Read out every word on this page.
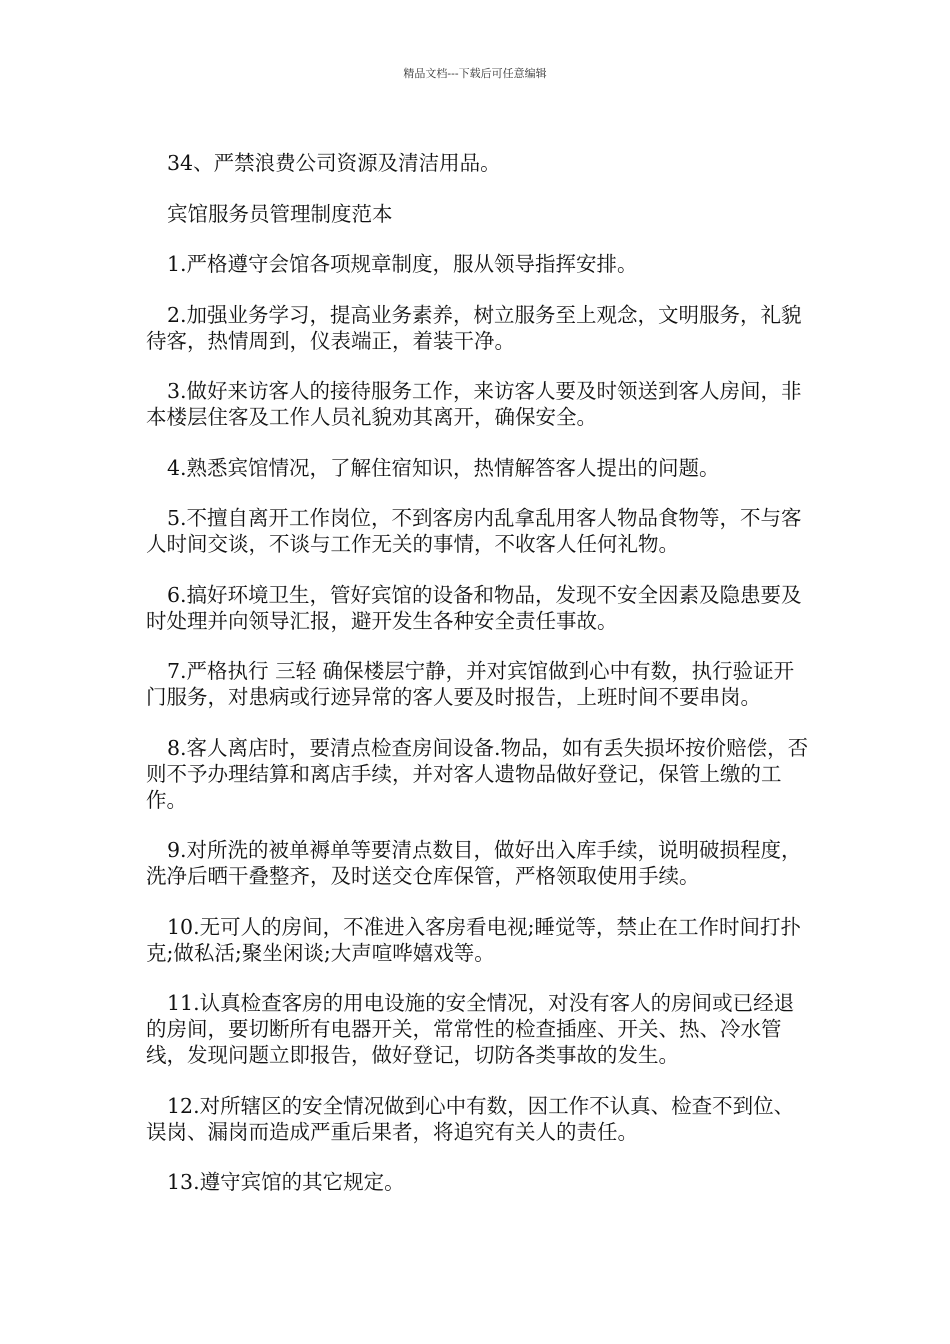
精品文档---下载后可任意编辑

34、严禁浪费公司资源及清洁用品。

宾馆服务员管理制度范本

1.严格遵守会馆各项规章制度，服从领导指挥安排。

2.加强业务学习，提高业务素养，树立服务至上观念，文明服务，礼貌待客，热情周到，仪表端正，着装干净。

3.做好来访客人的接待服务工作，来访客人要及时领送到客人房间，非本楼层住客及工作人员礼貌劝其离开，确保安全。

4.熟悉宾馆情况，了解住宿知识，热情解答客人提出的问题。

5.不擅自离开工作岗位，不到客房内乱拿乱用客人物品食物等，不与客人时间交谈，不谈与工作无关的事情，不收客人任何礼物。

6.搞好环境卫生，管好宾馆的设备和物品，发现不安全因素及隐患要及时处理并向领导汇报，避开发生各种安全责任事故。

7.严格执行 三轻 确保楼层宁静，并对宾馆做到心中有数，执行验证开门服务，对患病或行迹异常的客人要及时报告，上班时间不要串岗。

8.客人离店时，要清点检查房间设备.物品，如有丢失损坏按价赔偿，否则不予办理结算和离店手续，并对客人遗物品做好登记，保管上缴的工作。

9.对所洗的被单褥单等要清点数目，做好出入库手续，说明破损程度，洗净后晒干叠整齐，及时送交仓库保管，严格领取使用手续。

10.无可人的房间，不准进入客房看电视;睡觉等，禁止在工作时间打扑克;做私活;聚坐闲谈;大声喧哗嬉戏等。

11.认真检查客房的用电设施的安全情况，对没有客人的房间或已经退的房间，要切断所有电器开关，常常性的检查插座、开关、热、冷水管线，发现问题立即报告，做好登记，切防各类事故的发生。

12.对所辖区的安全情况做到心中有数，因工作不认真、检查不到位、误岗、漏岗而造成严重后果者，将追究有关人的责任。

13.遵守宾馆的其它规定。
